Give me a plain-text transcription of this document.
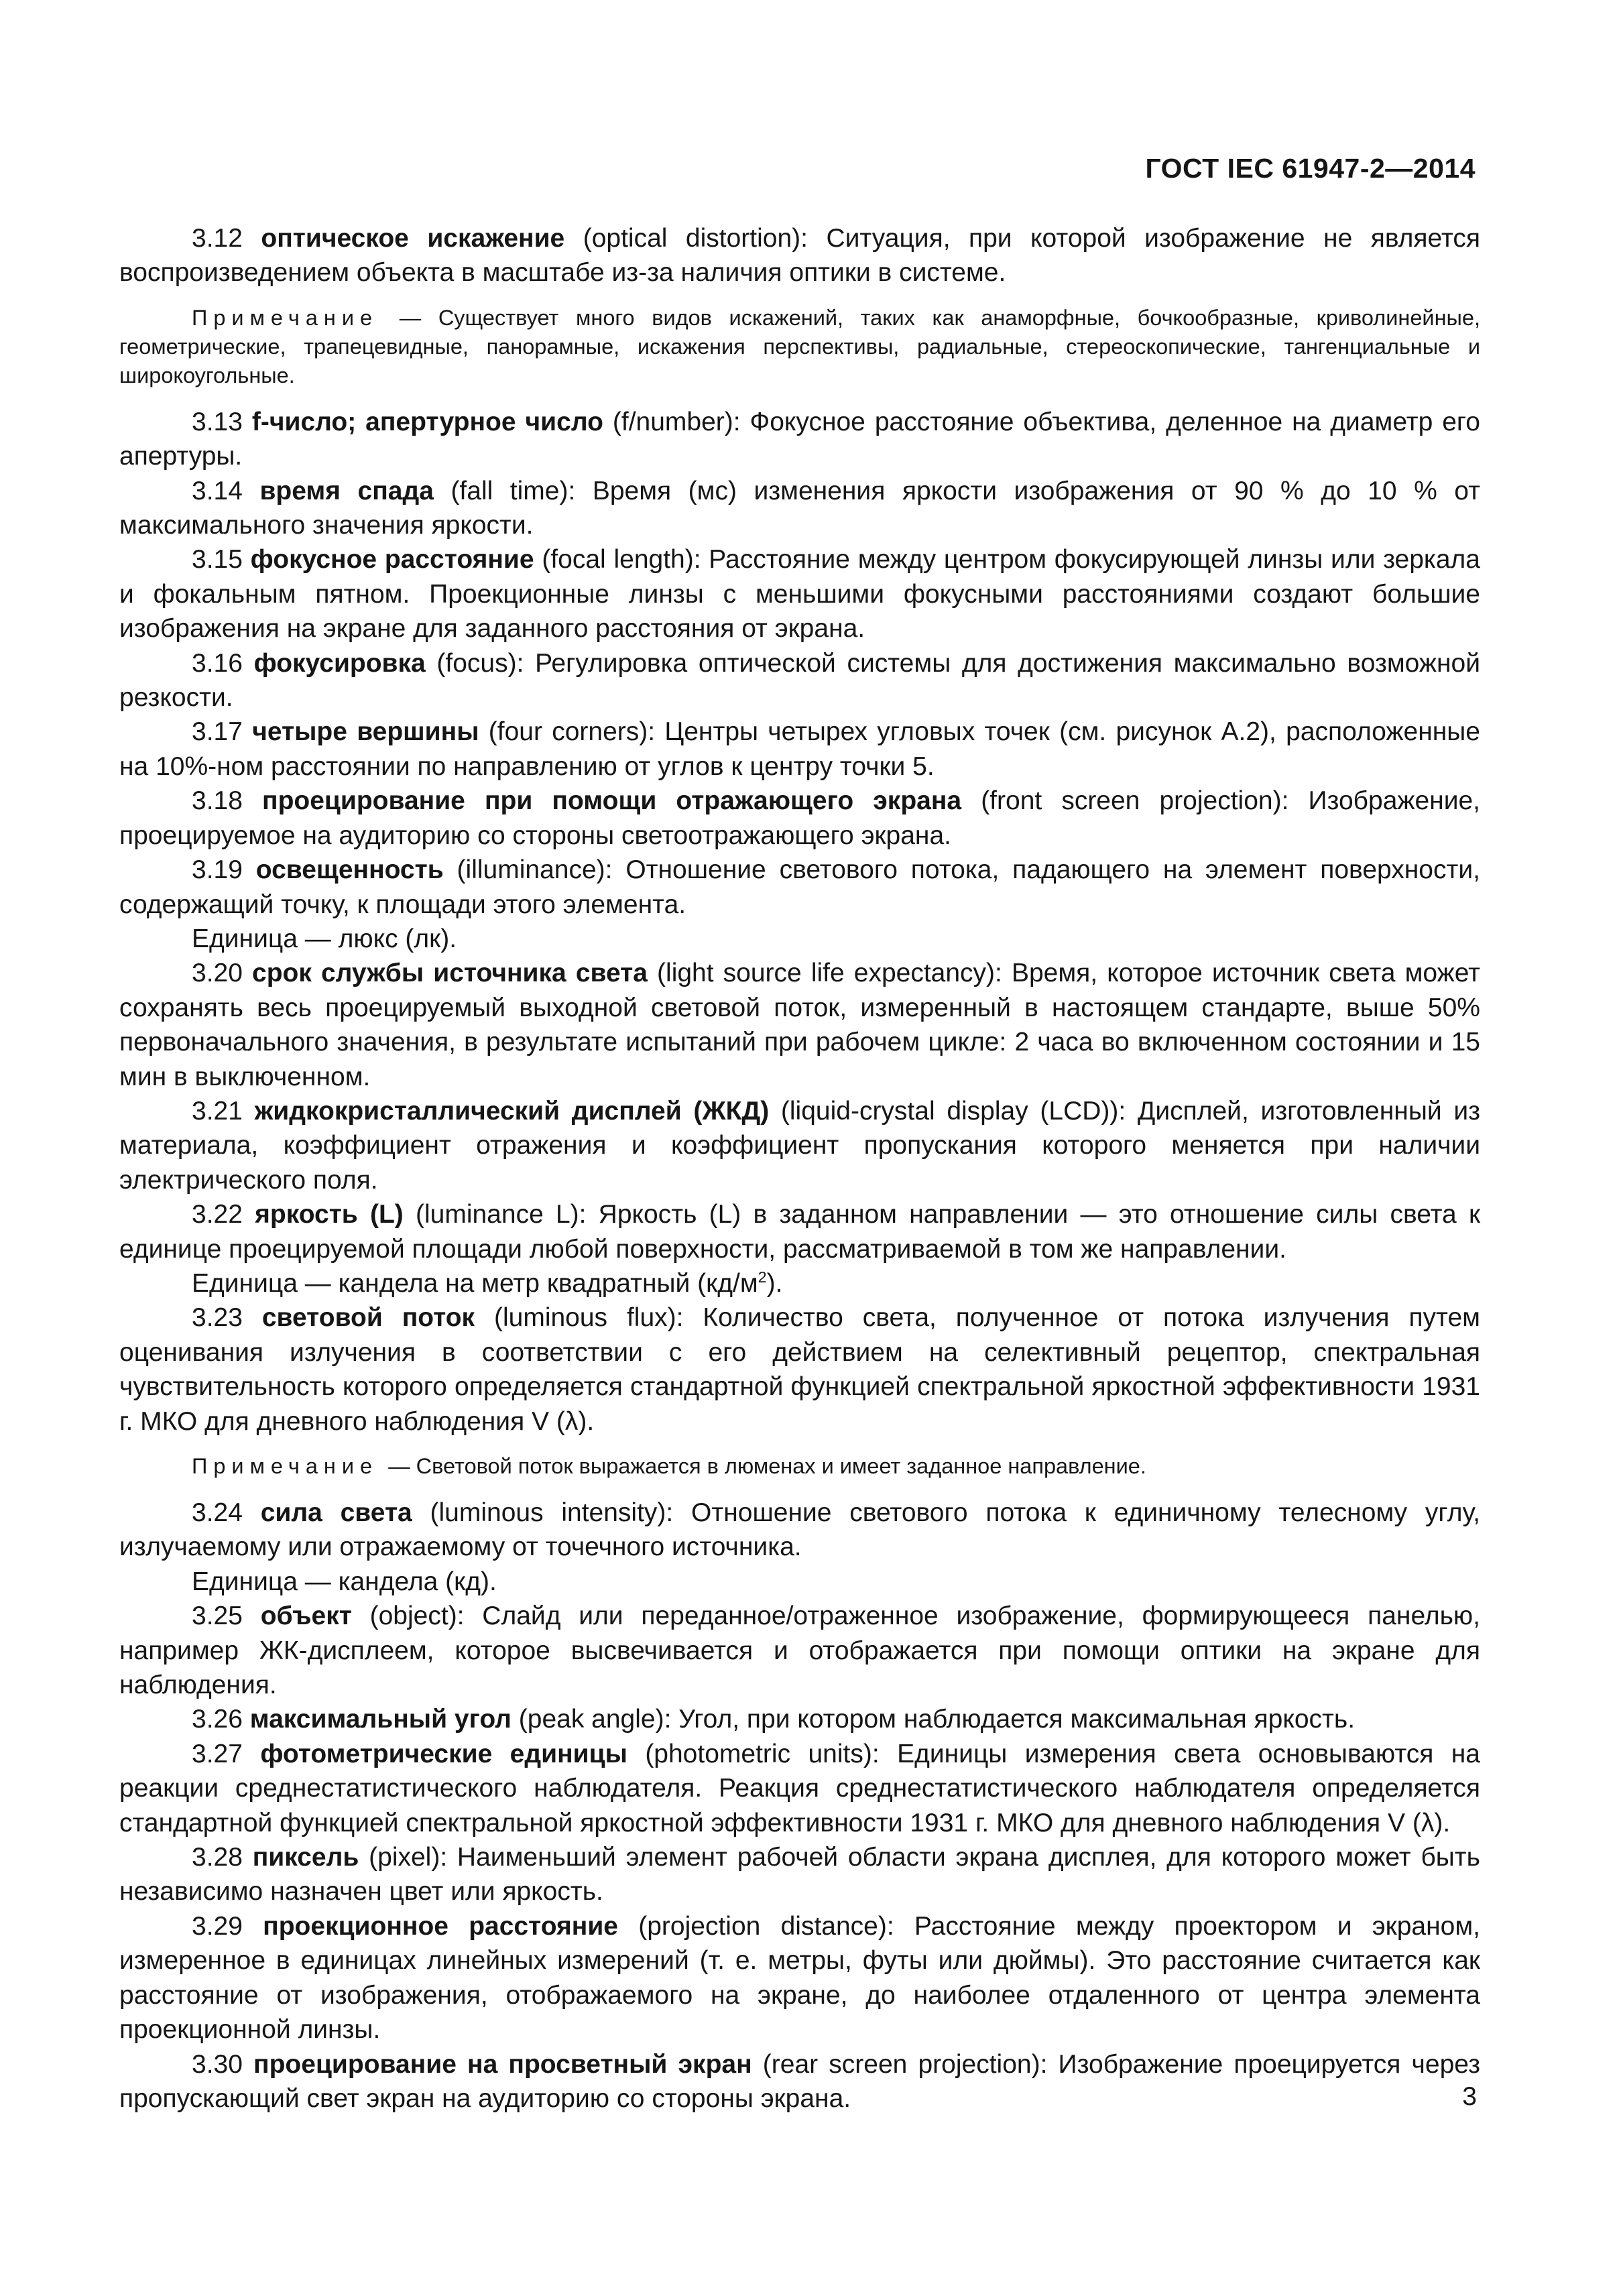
ГОСТ IEC 61947-2—2014

3.12 оптическое искажение (optical distortion): Ситуация, при которой изображение не является воспроизведением объекта в масштабе из-за наличия оптики в системе.

Примечание — Существует много видов искажений, таких как анаморфные, бочкообразные, криволинейные, геометрические, трапецевидные, панорамные, искажения перспективы, радиальные, стереоскопические, тангенциальные и широкоугольные.

3.13 f-число; апертурное число (f/number): Фокусное расстояние объектива, деленное на диаметр его апертуры.

3.14 время спада (fall time): Время (мс) изменения яркости изображения от 90 % до 10 % от максимального значения яркости.

3.15 фокусное расстояние (focal length): Расстояние между центром фокусирующей линзы или зеркала и фокальным пятном. Проекционные линзы с меньшими фокусными расстояниями создают большие изображения на экране для заданного расстояния от экрана.

3.16 фокусировка (focus): Регулировка оптической системы для достижения максимально возможной резкости.

3.17 четыре вершины (four corners): Центры четырех угловых точек (см. рисунок А.2), расположенные на 10%-ном расстоянии по направлению от углов к центру точки 5.

3.18 проецирование при помощи отражающего экрана (front screen projection): Изображение, проецируемое на аудиторию со стороны светоотражающего экрана.

3.19 освещенность (illuminance): Отношение светового потока, падающего на элемент поверхности, содержащий точку, к площади этого элемента.

Единица — люкс (лк).

3.20 срок службы источника света (light source life expectancy): Время, которое источник света может сохранять весь проецируемый выходной световой поток, измеренный в настоящем стандарте, выше 50% первоначального значения, в результате испытаний при рабочем цикле: 2 часа во включенном состоянии и 15 мин в выключенном.

3.21 жидкокристаллический дисплей (ЖКД) (liquid-crystal display (LCD)): Дисплей, изготовленный из материала, коэффициент отражения и коэффициент пропускания которого меняется при наличии электрического поля.

3.22 яркость (L) (luminance L): Яркость (L) в заданном направлении — это отношение силы света к единице проецируемой площади любой поверхности, рассматриваемой в том же направлении.

Единица — кандела на метр квадратный $(кд/м^2)$.

3.23 световой поток (luminous flux): Количество света, полученное от потока излучения путем оценивания излучения в соответствии с его действием на селективный рецептор, спектральная чувствительность которого определяется стандартной функцией спектральной яркостной эффективности 1931 г. МКО для дневного наблюдения V (λ).

Примечание — Световой поток выражается в люменах и имеет заданное направление.

3.24 сила света (luminous intensity): Отношение светового потока к единичному телесному углу, излучаемому или отражаемому от точечного источника.

Единица — кандела (кд).

3.25 объект (object): Слайд или переданное/отраженное изображение, формирующееся панелью, например ЖК-дисплеем, которое высвечивается и отображается при помощи оптики на экране для наблюдения.

3.26 максимальный угол (peak angle): Угол, при котором наблюдается максимальная яркость.

3.27 фотометрические единицы (photometric units): Единицы измерения света основываются на реакции среднестатистического наблюдателя. Реакция среднестатистического наблюдателя определяется стандартной функцией спектральной яркостной эффективности 1931 г. МКО для дневного наблюдения V (λ).

3.28 пиксель (pixel): Наименьший элемент рабочей области экрана дисплея, для которого может быть независимо назначен цвет или яркость.

3.29 проекционное расстояние (projection distance): Расстояние между проектором и экраном, измеренное в единицах линейных измерений (т. е. метры, футы или дюймы). Это расстояние считается как расстояние от изображения, отображаемого на экране, до наиболее отдаленного от центра элемента проекционной линзы.

3.30 проецирование на просветный экран (rear screen projection): Изображение проецируется через пропускающий свет экран на аудиторию со стороны экрана.	3
